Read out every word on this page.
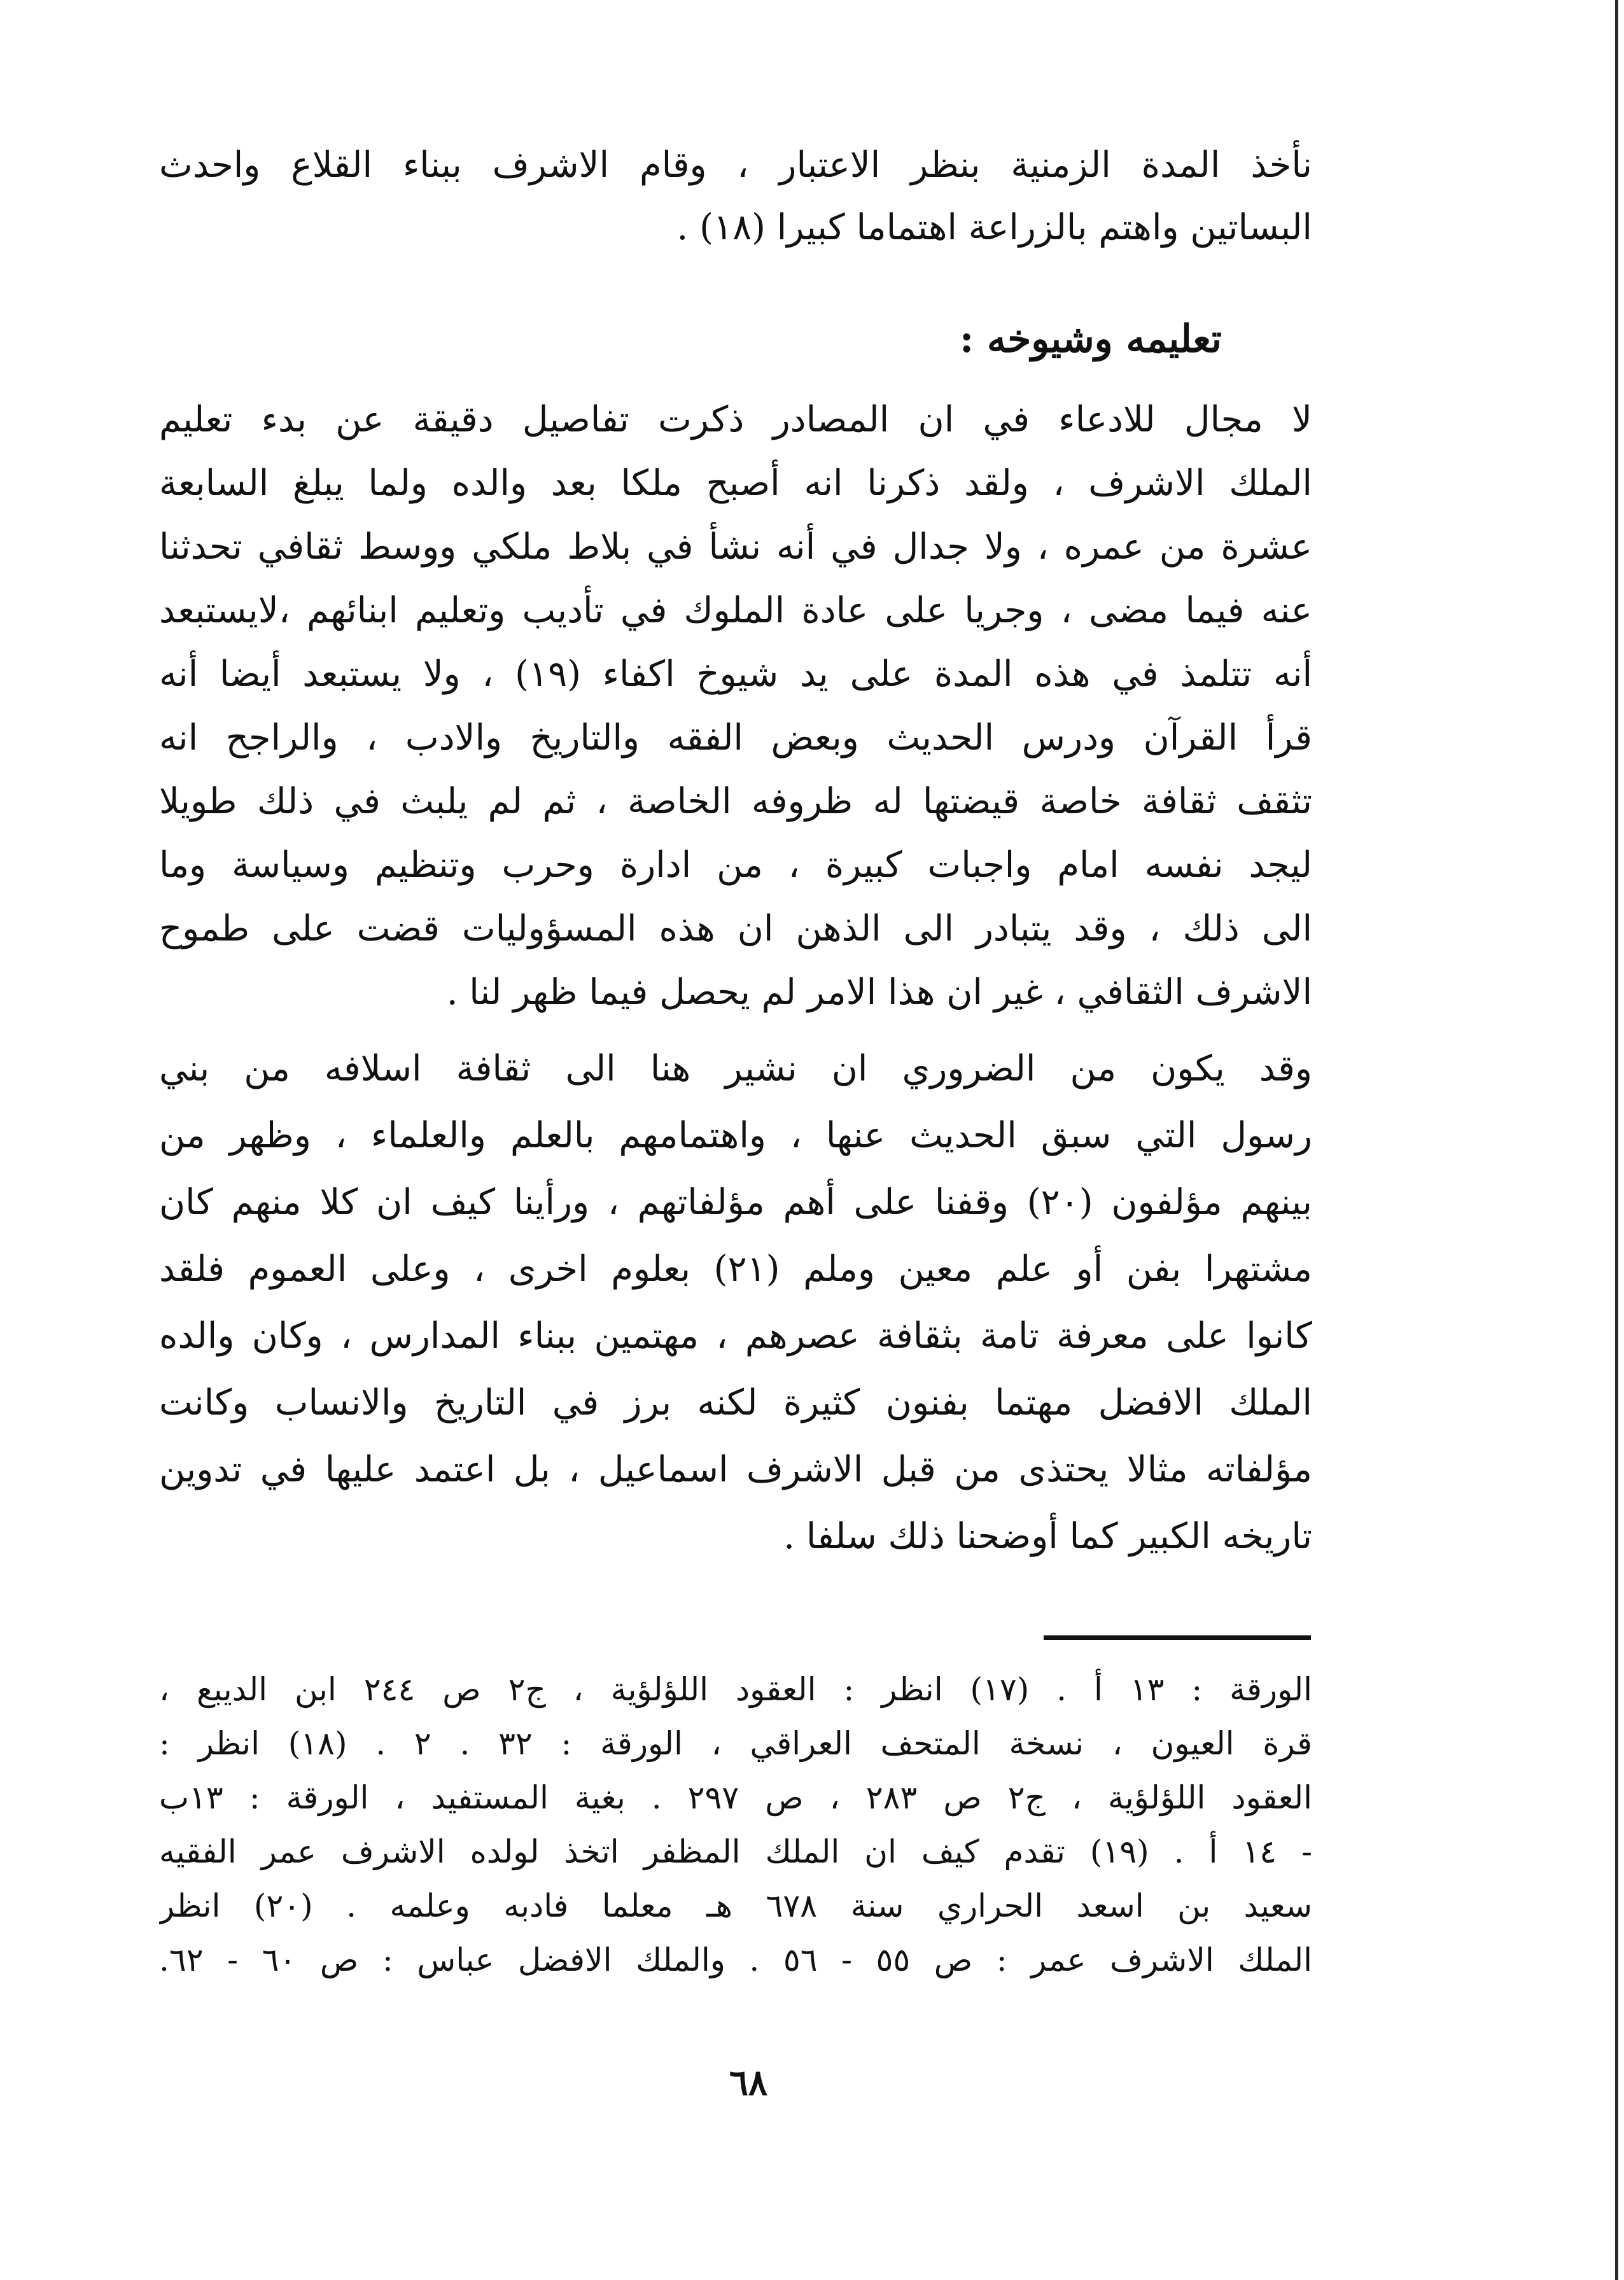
نأخذ المدة الزمنية بنظر الاعتبار ، وقام الاشرف ببناء القلاع واحدث
البساتين واهتم بالزراعة اهتماما كبيرا (١٨) .
تعليمه وشيوخه :
لا مجال للادعاء في ان المصادر ذكرت تفاصيل دقيقة عن بدء تعليم
الملك الاشرف ، ولقد ذكرنا انه أصبح ملكا بعد والده ولما يبلغ السابعة
عشرة من عمره ، ولا جدال في أنه نشأ في بلاط ملكي ووسط ثقافي تحدثنا
عنه فيما مضى ، وجريا على عادة الملوك في تأديب وتعليم ابنائهم ،لايستبعد
أنه تتلمذ في هذه المدة على يد شيوخ اكفاء (١٩) ، ولا يستبعد أيضا أنه
قرأ القرآن ودرس الحديث وبعض الفقه والتاريخ والادب ، والراجح انه
تثقف ثقافة خاصة قيضتها له ظروفه الخاصة ، ثم لم يلبث في ذلك طويلا
ليجد نفسه امام واجبات كبيرة ، من ادارة وحرب وتنظيم وسياسة وما
الى ذلك ، وقد يتبادر الى الذهن ان هذه المسؤوليات قضت على طموح
الاشرف الثقافي ، غير ان هذا الامر لم يحصل فيما ظهر لنا .
وقد يكون من الضروري ان نشير هنا الى ثقافة اسلافه من بني
رسول التي سبق الحديث عنها ، واهتمامهم بالعلم والعلماء ، وظهر من
بينهم مؤلفون (٢٠) وقفنا على أهم مؤلفاتهم ، ورأينا كيف ان كلا منهم كان
مشتهرا بفن أو علم معين وملم (٢١) بعلوم اخرى ، وعلى العموم فلقد
كانوا على معرفة تامة بثقافة عصرهم ، مهتمين ببناء المدارس ، وكان والده
الملك الافضل مهتما بفنون كثيرة لكنه برز في التاريخ والانساب وكانت
مؤلفاته مثالا يحتذى من قبل الاشرف اسماعيل ، بل اعتمد عليها في تدوين
تاريخه الكبير كما أوضحنا ذلك سلفا .
الورقة : ١٣ أ . (١٧) انظر : العقود اللؤلؤية ، ج٢ ص ٢٤٤ ابن الديبع ،
قرة العيون ، نسخة المتحف العراقي ، الورقة : ٣٢ . ٢ . (١٨) انظر :
العقود اللؤلؤية ، ج٢ ص ٢٨٣ ، ص ٢٩٧ . بغية المستفيد ، الورقة : ١٣ب
- ١٤ أ . (١٩) تقدم كيف ان الملك المظفر اتخذ لولده الاشرف عمر الفقيه
سعيد بن اسعد الحراري سنة ٦٧٨ هـ معلما فادبه وعلمه . (٢٠) انظر
الملك الاشرف عمر : ص ٥٥ - ٥٦ . والملك الافضل عباس : ص ٦٠ - ٦٢.
٦٨
